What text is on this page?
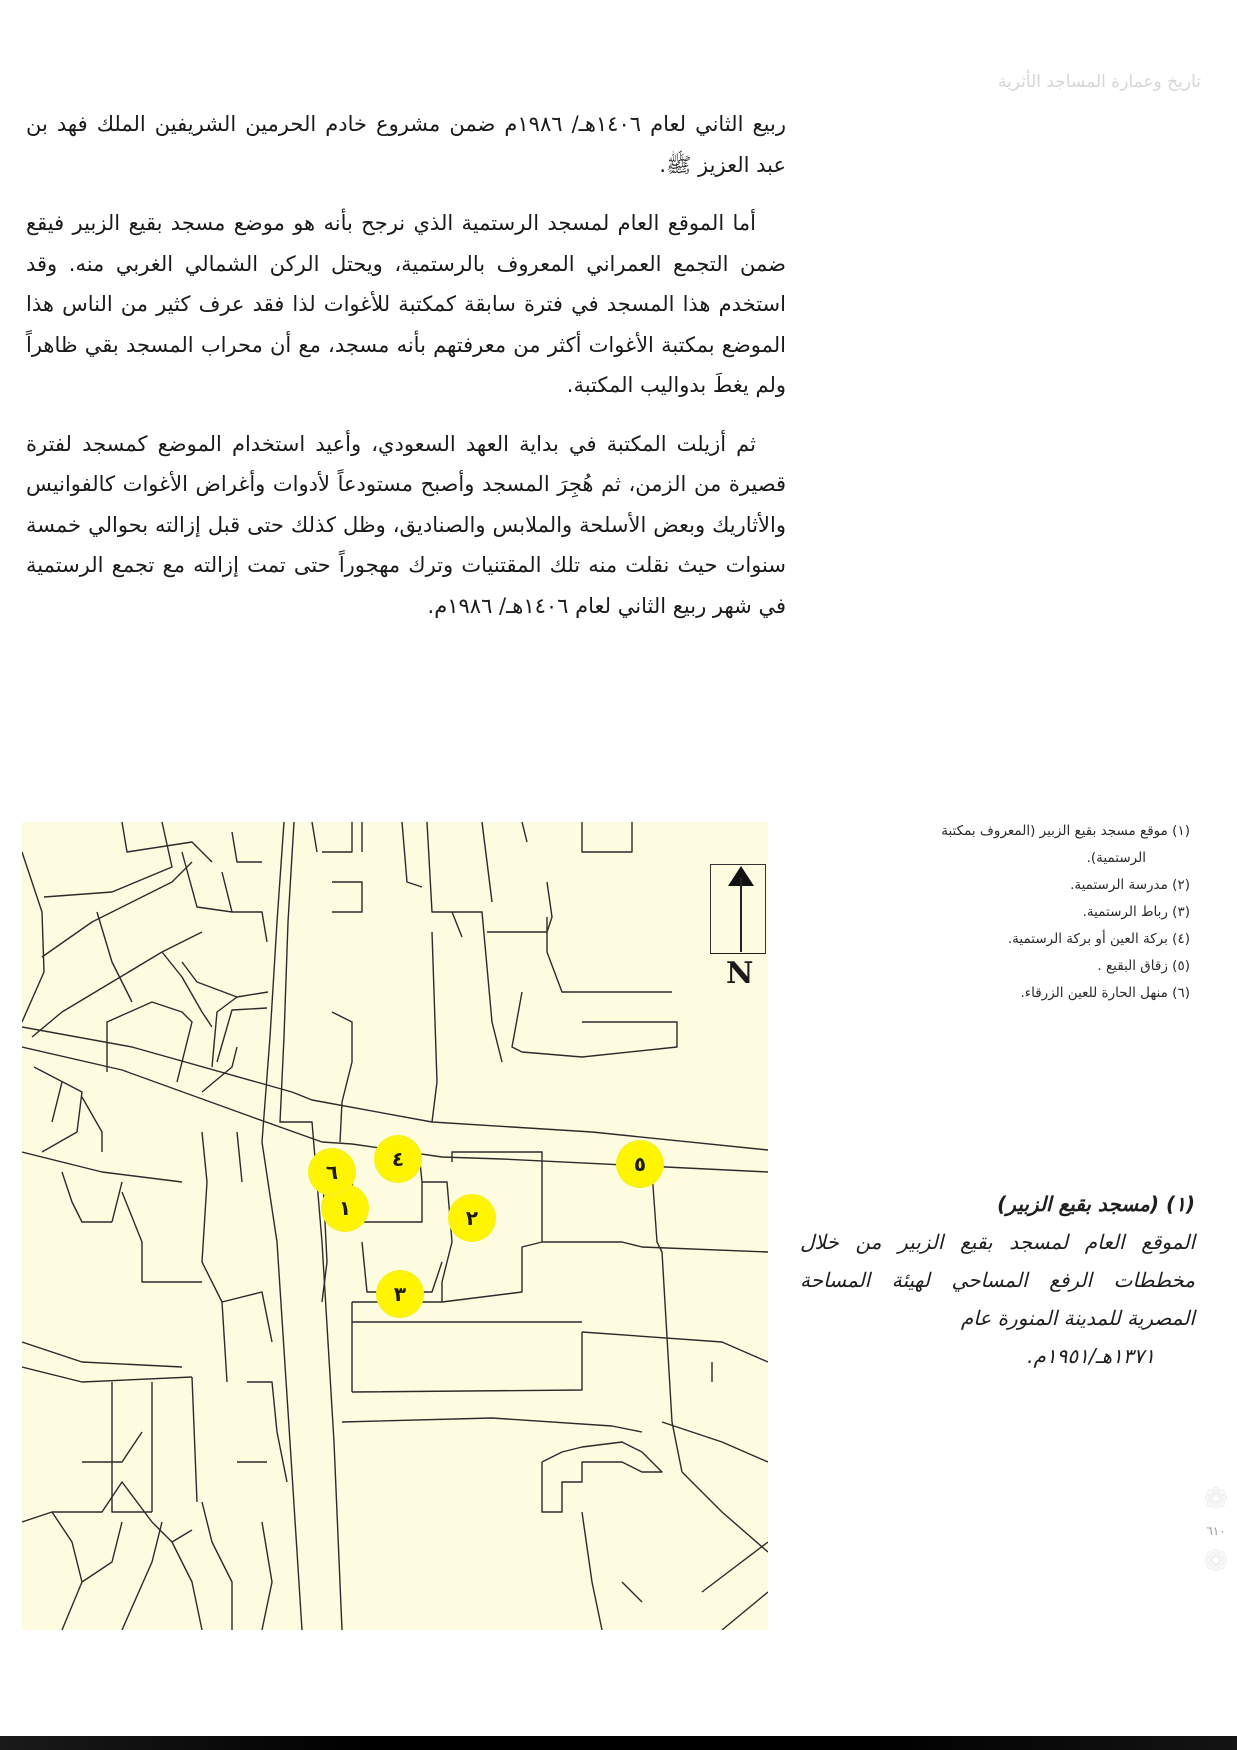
تاريخ وعمارة المساجد الأثرية

ربيع الثاني لعام ١٤٠٦هـ/ ١٩٨٦م ضمن مشروع خادم الحرمين الشريفين الملك فهد بن عبد العزيز ﷺ.

أما الموقع العام لمسجد الرستمية الذي نرجح بأنه هو موضع مسجد بقيع الزبير فيقع ضمن التجمع العمراني المعروف بالرستمية، ويحتل الركن الشمالي الغربي منه. وقد استخدم هذا المسجد في فترة سابقة كمكتبة للأغوات لذا فقد عرف كثير من الناس هذا الموضع بمكتبة الأغوات أكثر من معرفتهم بأنه مسجد، مع أن محراب المسجد بقي ظاهراً ولم يغطَ بدواليب المكتبة.

ثم أزيلت المكتبة في بداية العهد السعودي، وأعيد استخدام الموضع كمسجد لفترة قصيرة من الزمن، ثم هُجِرَ المسجد وأصبح مستودعاً لأدوات وأغراض الأغوات كالفوانيس والأثاريك وبعض الأسلحة والملابس والصناديق، وظل كذلك حتى قبل إزالته بحوالي خمسة سنوات حيث نقلت منه تلك المقتنيات وترك مهجوراً حتى تمت إزالته مع تجمع الرستمية في شهر ربيع الثاني لعام ١٤٠٦هـ/ ١٩٨٦م.

١	٢
٣
٤	٥
٦
N
(١) موقع مسجد بقيع الزبير (المعروف بمكتبة
الرستمية).
(٢) مدرسة الرستمية.
(٣) رباط الرستمية.
(٤) بركة العين أو بركة الرستمية.
(٥) زقاق البقيع .
(٦) منهل الحارة للعين الزرقاء.
(١) (مسجد بقيع الزبير)
الموقع العام لمسجد بقيع الزبير من خلال مخططات الرفع المساحي لهيئة المساحة المصرية للمدينة المنورة عام
١٣٧١هـ/١٩٥١م.
❁
٦١٠
❁
